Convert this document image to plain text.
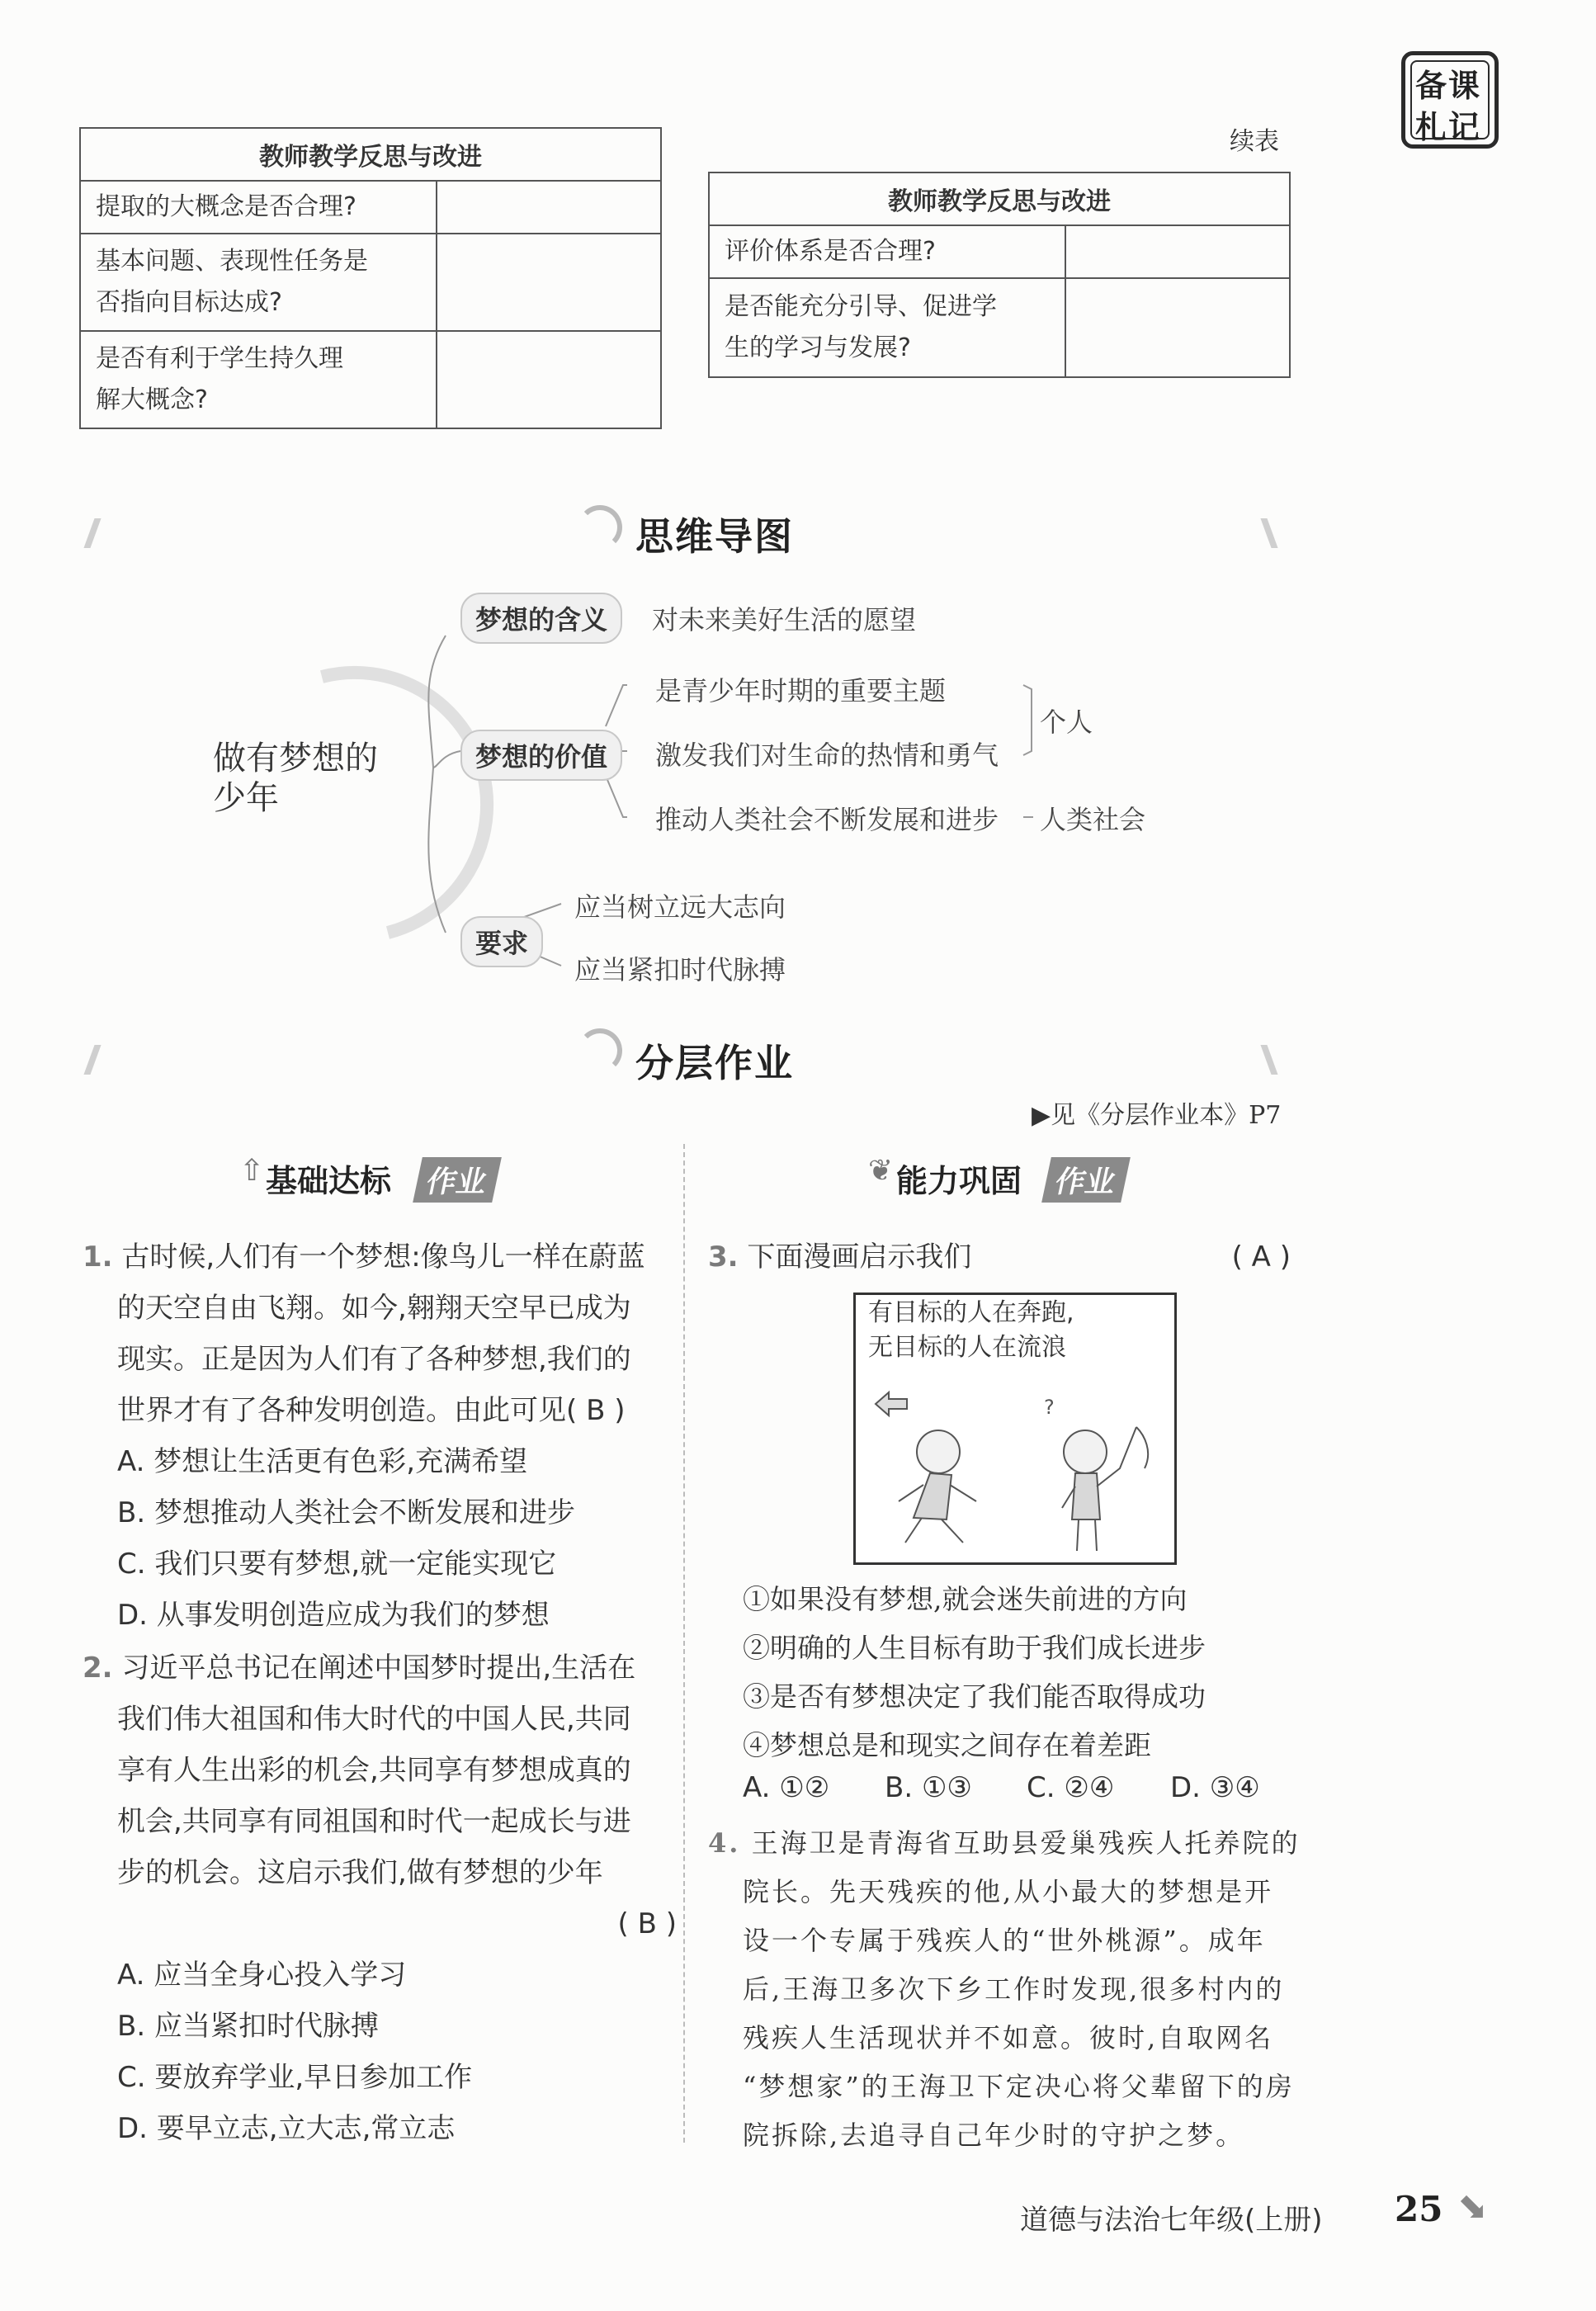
备课
札记
续表
教师教学反思与改进	
提取的大概念是否合理?	

基本问题、表现性任务是
否指向目标达成?	

是否有利于学生持久理
解大概念?	

教师教学反思与改进	
评价体系是否合理?	

是否能充分引导、促进学
生的学习与发展?	

思维导图
做有梦想的
少年
梦想的含义	对未来美好生活的愿望
梦想的价值
是青少年时期的重要主题
激发我们对生命的热情和勇气
推动人类社会不断发展和进步
个人
人类社会
要求
应当树立远大志向
应当紧扣时代脉搏
分层作业
▶见《分层作业本》P7
⇧ 基础达标	作业	❦ 能力巩固	作业
1. 古时候,人们有一个梦想:像鸟儿一样在蔚蓝
的天空自由飞翔。如今,翱翔天空早已成为
现实。正是因为人们有了各种梦想,我们的
世界才有了各种发明创造。由此可见( B )
A. 梦想让生活更有色彩,充满希望
B. 梦想推动人类社会不断发展和进步
C. 我们只要有梦想,就一定能实现它
D. 从事发明创造应成为我们的梦想
2. 习近平总书记在阐述中国梦时提出,生活在
我们伟大祖国和伟大时代的中国人民,共同
享有人生出彩的机会,共同享有梦想成真的
机会,共同享有同祖国和时代一起成长与进
步的机会。这启示我们,做有梦想的少年
( B )
A. 应当全身心投入学习
B. 应当紧扣时代脉搏
C. 要放弃学业,早日参加工作
D. 要早立志,立大志,常立志
3. 下面漫画启示我们	( A )
?
有目标的人在奔跑,
无目标的人在流浪
①如果没有梦想,就会迷失前进的方向
②明确的人生目标有助于我们成长进步
③是否有梦想决定了我们能否取得成功
④梦想总是和现实之间存在着差距
A. ①② B. ①③ C. ②④ D. ③④
4. 王海卫是青海省互助县爱巢残疾人托养院的
院长。先天残疾的他,从小最大的梦想是开
设一个专属于残疾人的“世外桃源”。成年
后,王海卫多次下乡工作时发现,很多村内的
残疾人生活现状并不如意。彼时,自取网名
“梦想家”的王海卫下定决心将父辈留下的房
院拆除,去追寻自己年少时的守护之梦。
道德与法治七年级(上册) 25 ⬊
